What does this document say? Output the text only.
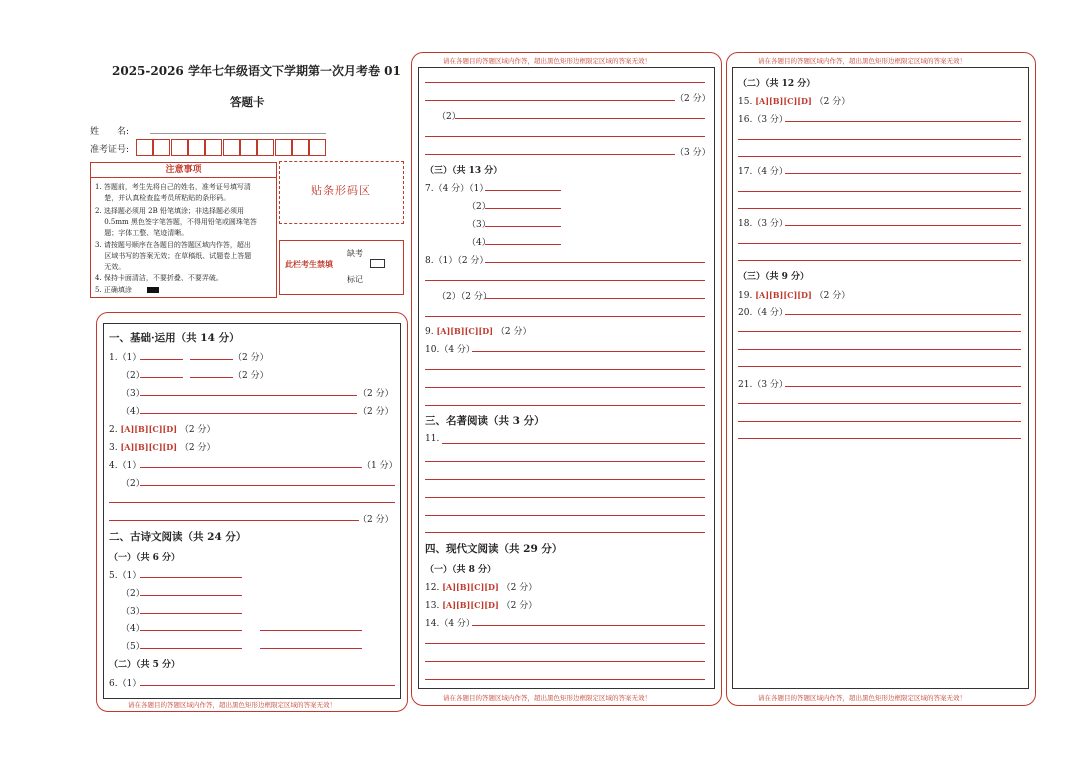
2025-2026 学年七年级语文下学期第一次月考卷 01
答题卡
姓　　名:
准考证号:
注意事项
1. 答题前，考生先将自己的姓名，准考证号填写清
　 楚，并认真检查监考员所粘贴的条形码。
2. 选择题必须用 2B 铅笔填涂；非选择题必须用
　 0.5mm 黑色签字笔答题，不得用铅笔或圆珠笔答
　 题；字体工整、笔迹清晰。
3. 请按题号顺序在各题目的答题区域内作答，超出
　 区域书写的答案无效；在草稿纸、试题卷上答题
　 无效。
4. 保持卡面清洁，不要折叠、不要弄破。
5. 正确填涂
贴条形码区
此栏考生禁填
缺考
标记
请在各题目的答题区域内作答，超出黑色矩形边框限定区域的答案无效！
一、基础·运用（共 14 分）
1.（1）	（2 分）
（2）	（2 分）
（3）	（2 分）
（4）	（2 分）
2. [A][B][C][D] （2 分）
3. [A][B][C][D] （2 分）
4.（1）	（1 分）
（2）
（2 分）
二、古诗文阅读（共 24 分）
（一）（共 6 分）
5.（1）
（2）
（3）
（4）
（5）
（二）（共 5 分）
6.（1）
请在各题目的答题区域内作答，超出黑色矩形边框限定区域的答案无效！
请在各题目的答题区域内作答，超出黑色矩形边框限定区域的答案无效！
（2 分）
（2）
（3 分）
（三）（共 13 分）
7.（4 分）（1）
（2）
（3）
（4）
8.（1）（2 分）
（2）（2 分）
9. [A][B][C][D] （2 分）
10.（4 分）
三、名著阅读（共 3 分）
11.
四、现代文阅读（共 29 分）
（一）（共 8 分）
12. [A][B][C][D] （2 分）
13. [A][B][C][D] （2 分）
14.（4 分）
请在各题目的答题区域内作答，超出黑色矩形边框限定区域的答案无效！
请在各题目的答题区域内作答，超出黑色矩形边框限定区域的答案无效！
（二）（共 12 分）
15. [A][B][C][D] （2 分）
16.（3 分）
17.（4 分）
18.（3 分）
（三）（共 9 分）
19. [A][B][C][D] （2 分）
20.（4 分）
21.（3 分）
